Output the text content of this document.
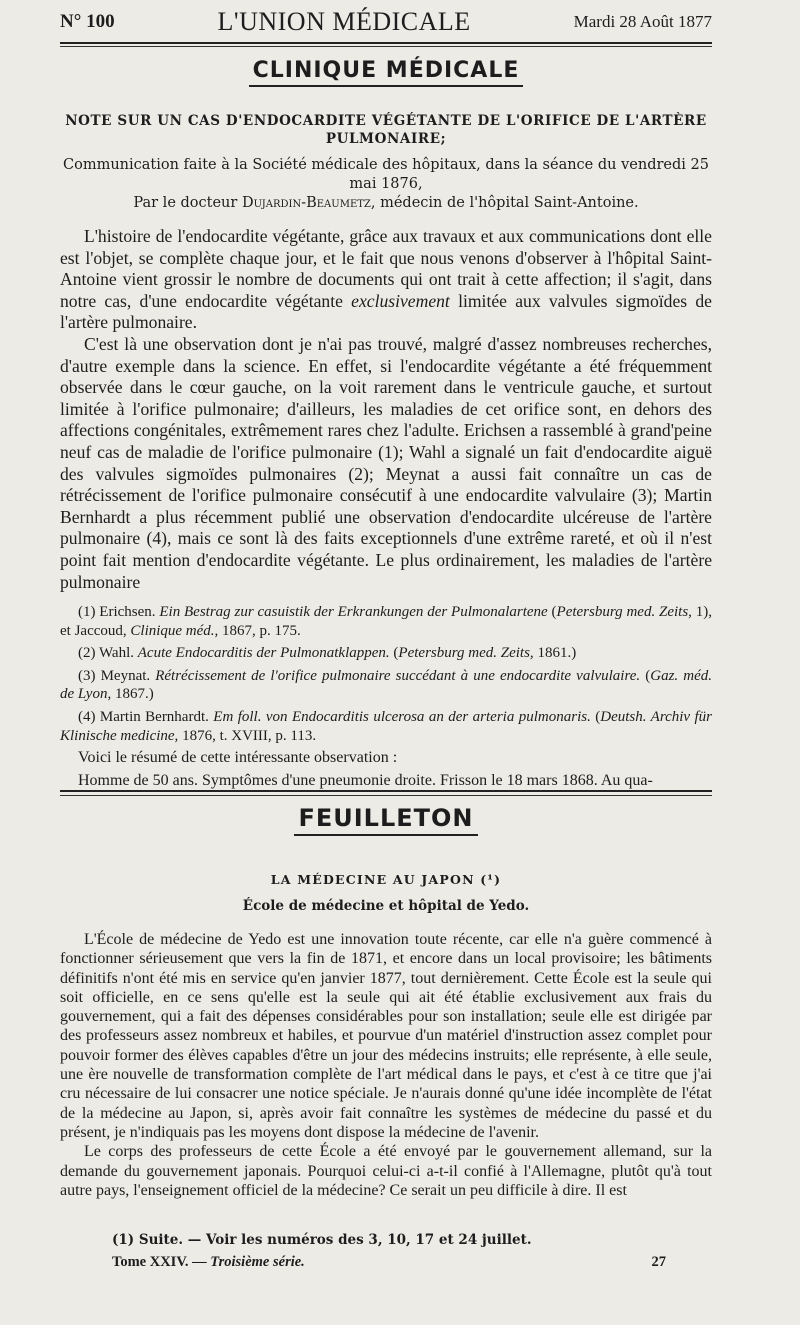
N° 100	L'UNION MÉDICALE	Mardi 28 Août 1877
CLINIQUE MÉDICALE
NOTE SUR UN CAS D'ENDOCARDITE VÉGÉTANTE DE L'ORIFICE DE L'ARTÈRE
PULMONAIRE;
Communication faite à la Société médicale des hôpitaux, dans la séance du vendredi 25 mai 1876,
Par le docteur Dujardin-Beaumetz, médecin de l'hôpital Saint-Antoine.

L'histoire de l'endocardite végétante, grâce aux travaux et aux communications dont elle est l'objet, se complète chaque jour, et le fait que nous venons d'observer à l'hôpital Saint-Antoine vient grossir le nombre de documents qui ont trait à cette affection; il s'agit, dans notre cas, d'une endocardite végétante exclusivement limitée aux valvules sigmoïdes de l'artère pulmonaire.

C'est là une observation dont je n'ai pas trouvé, malgré d'assez nombreuses recherches, d'autre exemple dans la science. En effet, si l'endocardite végétante a été fréquemment observée dans le cœur gauche, on la voit rarement dans le ventricule gauche, et surtout limitée à l'orifice pulmonaire; d'ailleurs, les maladies de cet orifice sont, en dehors des affections congénitales, extrêmement rares chez l'adulte. Erichsen a rassemblé à grand'peine neuf cas de maladie de l'orifice pulmonaire (1); Wahl a signalé un fait d'endocardite aiguë des valvules sigmoïdes pulmonaires (2); Meynat a aussi fait connaître un cas de rétrécissement de l'orifice pulmonaire consécutif à une endocardite valvulaire (3); Martin Bernhardt a plus récemment publié une observation d'endocardite ulcéreuse de l'artère pulmonaire (4), mais ce sont là des faits exceptionnels d'une extrême rareté, et où il n'est point fait mention d'endocardite végétante. Le plus ordinairement, les maladies de l'artère pulmonaire

(1) Erichsen. Ein Bestrag zur casuistik der Erkrankungen der Pulmonalartene (Petersburg med. Zeits, 1), et Jaccoud, Clinique méd., 1867, p. 175.

(2) Wahl. Acute Endocarditis der Pulmonatklappen. (Petersburg med. Zeits, 1861.)

(3) Meynat. Rétrécissement de l'orifice pulmonaire succédant à une endocardite valvulaire. (Gaz. méd. de Lyon, 1867.)

(4) Martin Bernhardt. Em foll. von Endocarditis ulcerosa an der arteria pulmonaris. (Deutsh. Archiv für Klinische medicine, 1876, t. XVIII, p. 113.

Voici le résumé de cette intéressante observation :

Homme de 50 ans. Symptômes d'une pneumonie droite. Frisson le 18 mars 1868. Au qua-

FEUILLETON
LA MÉDECINE AU JAPON (¹)
École de médecine et hôpital de Yedo.

L'École de médecine de Yedo est une innovation toute récente, car elle n'a guère commencé à fonctionner sérieusement que vers la fin de 1871, et encore dans un local provisoire; les bâtiments définitifs n'ont été mis en service qu'en janvier 1877, tout dernièrement. Cette École est la seule qui soit officielle, en ce sens qu'elle est la seule qui ait été établie exclusivement aux frais du gouvernement, qui a fait des dépenses considérables pour son installation; seule elle est dirigée par des professeurs assez nombreux et habiles, et pourvue d'un matériel d'instruction assez complet pour pouvoir former des élèves capables d'être un jour des médecins instruits; elle représente, à elle seule, une ère nouvelle de transformation complète de l'art médical dans le pays, et c'est à ce titre que j'ai cru nécessaire de lui consacrer une notice spéciale. Je n'aurais donné qu'une idée incomplète de l'état de la médecine au Japon, si, après avoir fait connaître les systèmes de médecine du passé et du présent, je n'indiquais pas les moyens dont dispose la médecine de l'avenir.

Le corps des professeurs de cette École a été envoyé par le gouvernement allemand, sur la demande du gouvernement japonais. Pourquoi celui-ci a-t-il confié à l'Allemagne, plutôt qu'à tout autre pays, l'enseignement officiel de la médecine? Ce serait un peu difficile à dire. Il est

(1) Suite. — Voir les numéros des 3, 10, 17 et 24 juillet.
Tome XXIV. — Troisième série.	27
